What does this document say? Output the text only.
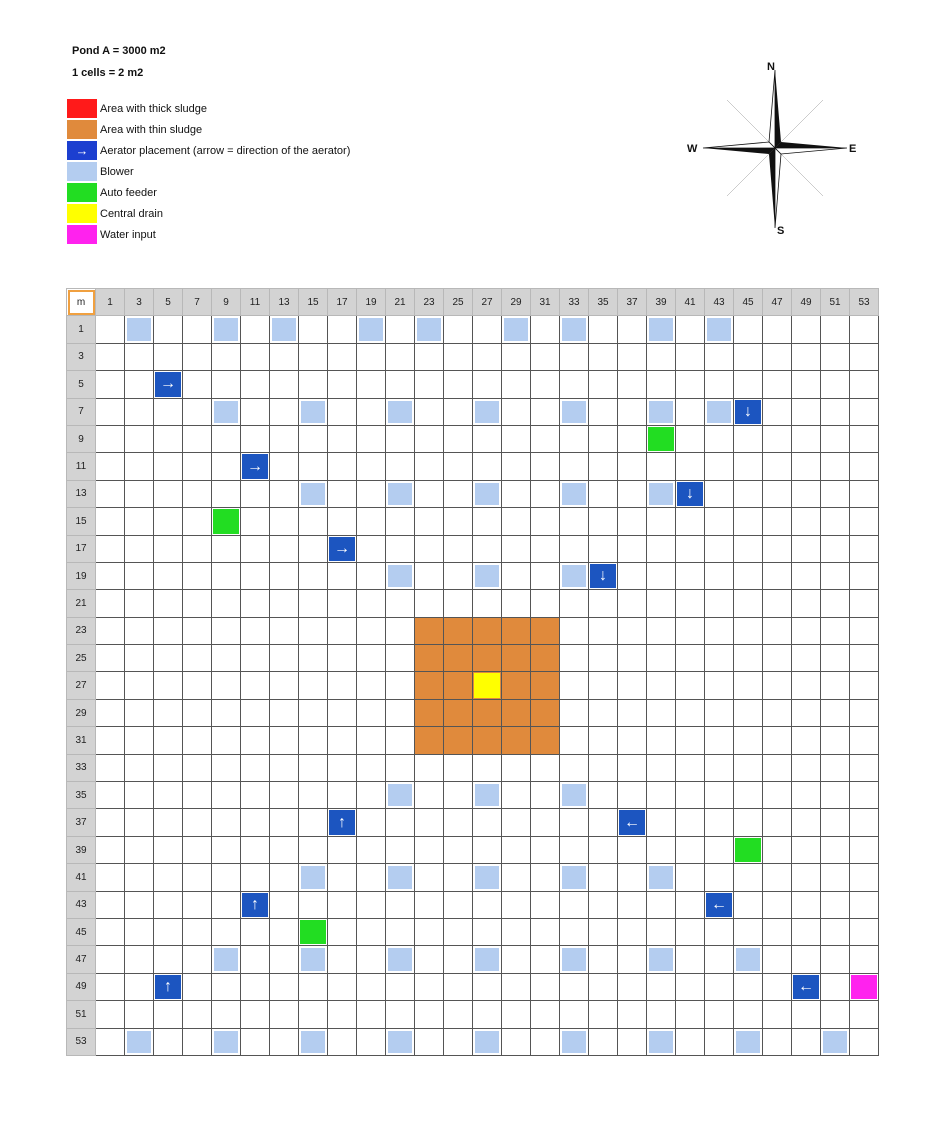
Pond A = 3000 m2
1 cells = 2 m2
Area with thick sludge
Area with thin sludge
→	Aerator placement (arrow = direction of the aerator)
Blower
Auto feeder
Central drain
Water input
N
E
S
W
m	1	3	5	7	9	11	13	15	17	19	21	23	25	27	29	31	33	35	37	39	41	43	45	47	49	51	53
1		

3																											
5			→																								

7																							↓				

9																				

11						→																					

13																					↓						

15					

17									→																		

19																		↓									

21																											
23																											
25																											
27														

29																											
31																											
33																											
35											

37									↑										←								

39																							

41								

43						↑																←					

45								

47					

49			↑																						←		

51																											
53		
